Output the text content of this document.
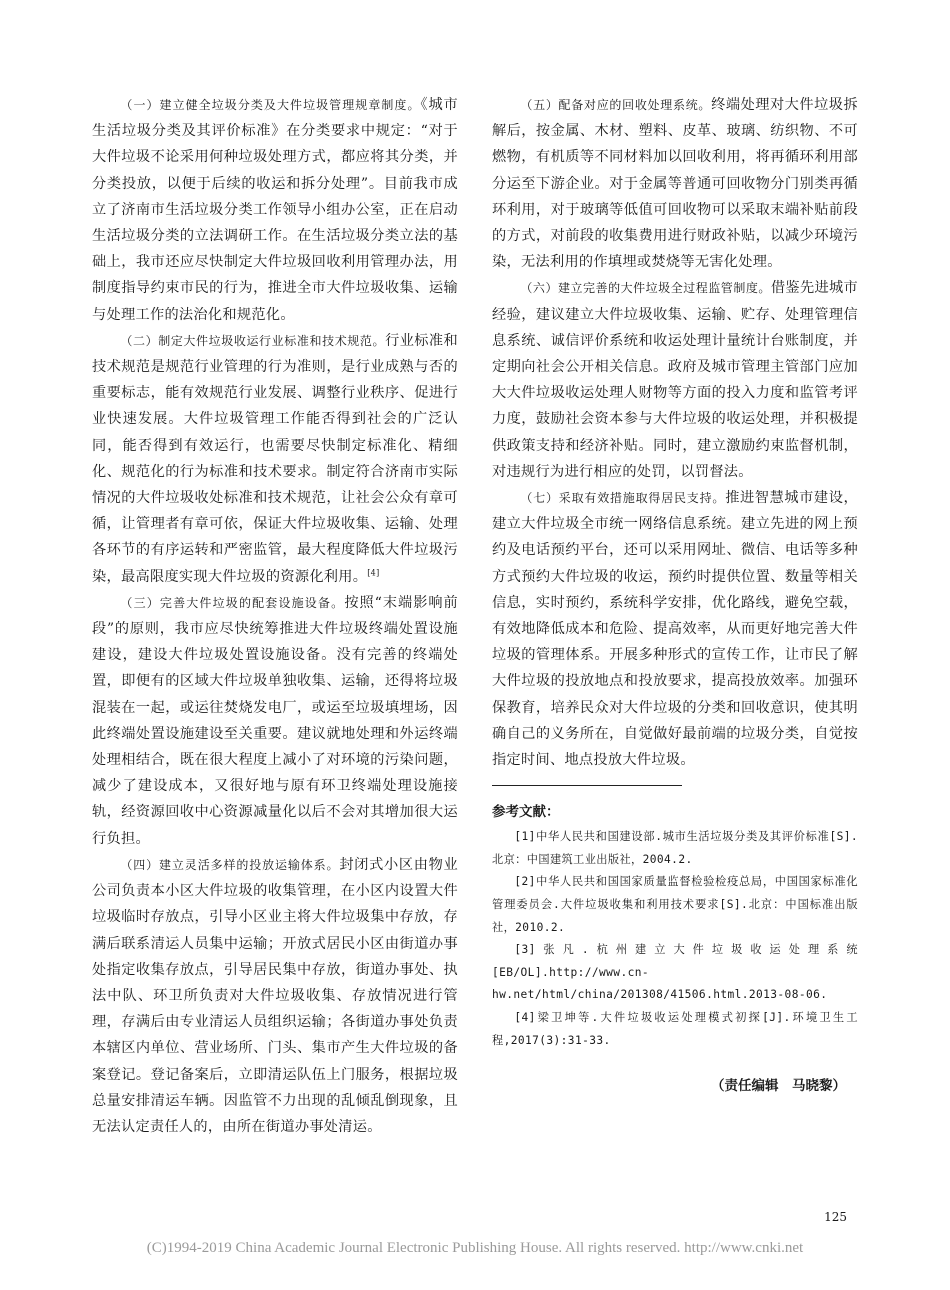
（一）建立健全垃圾分类及大件垃圾管理规章制度。《城市生活垃圾分类及其评价标准》在分类要求中规定：“对于大件垃圾不论采用何种垃圾处理方式，都应将其分类，并分类投放，以便于后续的收运和拆分处理”。目前我市成立了济南市生活垃圾分类工作领导小组办公室，正在启动生活垃圾分类的立法调研工作。在生活垃圾分类立法的基础上，我市还应尽快制定大件垃圾回收利用管理办法，用制度指导约束市民的行为，推进全市大件垃圾收集、运输与处理工作的法治化和规范化。

（二）制定大件垃圾收运行业标准和技术规范。行业标准和技术规范是规范行业管理的行为准则，是行业成熟与否的重要标志，能有效规范行业发展、调整行业秩序、促进行业快速发展。大件垃圾管理工作能否得到社会的广泛认同，能否得到有效运行，也需要尽快制定标准化、精细化、规范化的行为标准和技术要求。制定符合济南市实际情况的大件垃圾收处标准和技术规范，让社会公众有章可循，让管理者有章可依，保证大件垃圾收集、运输、处理各环节的有序运转和严密监管，最大程度降低大件垃圾污染，最高限度实现大件垃圾的资源化利用。[4]

（三）完善大件垃圾的配套设施设备。按照“末端影响前段”的原则，我市应尽快统筹推进大件垃圾终端处置设施建设，建设大件垃圾处置设施设备。没有完善的终端处置，即便有的区域大件垃圾单独收集、运输，还得将垃圾混装在一起，或运往焚烧发电厂，或运至垃圾填埋场，因此终端处置设施建设至关重要。建议就地处理和外运终端处理相结合，既在很大程度上减小了对环境的污染问题，减少了建设成本，又很好地与原有环卫终端处理设施接轨，经资源回收中心资源减量化以后不会对其增加很大运行负担。

（四）建立灵活多样的投放运输体系。封闭式小区由物业公司负责本小区大件垃圾的收集管理，在小区内设置大件垃圾临时存放点，引导小区业主将大件垃圾集中存放，存满后联系清运人员集中运输；开放式居民小区由街道办事处指定收集存放点，引导居民集中存放，街道办事处、执法中队、环卫所负责对大件垃圾收集、存放情况进行管理，存满后由专业清运人员组织运输；各街道办事处负责本辖区内单位、营业场所、门头、集市产生大件垃圾的备案登记。登记备案后，立即清运队伍上门服务，根据垃圾总量安排清运车辆。因监管不力出现的乱倾乱倒现象，且无法认定责任人的，由所在街道办事处清运。

（五）配备对应的回收处理系统。终端处理对大件垃圾拆解后，按金属、木材、塑料、皮革、玻璃、纺织物、不可燃物，有机质等不同材料加以回收利用，将再循环利用部分运至下游企业。对于金属等普通可回收物分门别类再循环利用，对于玻璃等低值可回收物可以采取末端补贴前段的方式，对前段的收集费用进行财政补贴，以减少环境污染，无法利用的作填埋或焚烧等无害化处理。

（六）建立完善的大件垃圾全过程监管制度。借鉴先进城市经验，建议建立大件垃圾收集、运输、贮存、处理管理信息系统、诚信评价系统和收运处理计量统计台账制度，并定期向社会公开相关信息。政府及城市管理主管部门应加大大件垃圾收运处理人财物等方面的投入力度和监管考评力度，鼓励社会资本参与大件垃圾的收运处理，并积极提供政策支持和经济补贴。同时，建立激励约束监督机制，对违规行为进行相应的处罚，以罚督法。

（七）采取有效措施取得居民支持。推进智慧城市建设，建立大件垃圾全市统一网络信息系统。建立先进的网上预约及电话预约平台，还可以采用网址、微信、电话等多种方式预约大件垃圾的收运，预约时提供位置、数量等相关信息，实时预约，系统科学安排，优化路线，避免空载，有效地降低成本和危险、提高效率，从而更好地完善大件垃圾的管理体系。开展多种形式的宣传工作，让市民了解大件垃圾的投放地点和投放要求，提高投放效率。加强环保教育，培养民众对大件垃圾的分类和回收意识，使其明确自己的义务所在，自觉做好最前端的垃圾分类，自觉按指定时间、地点投放大件垃圾。

参考文献：

[1]中华人民共和国建设部.城市生活垃圾分类及其评价标准[S].北京：中国建筑工业出版社，2004.2.

[2]中华人民共和国国家质量监督检验检疫总局，中国国家标准化管理委员会.大件垃圾收集和利用技术要求[S].北京：中国标准出版社，2010.2.

[3]张凡.杭州建立大件垃圾收运处理系统[EB/OL].http://www.cn-hw.net/html/china/201308/41506.html.2013-08-06.

[4]梁卫坤等.大件垃圾收运处理模式初探[J].环境卫生工程,2017(3):31-33.

（责任编辑　马晓黎）
125
(C)1994-2019 China Academic Journal Electronic Publishing House. All rights reserved. http://www.cnki.net
